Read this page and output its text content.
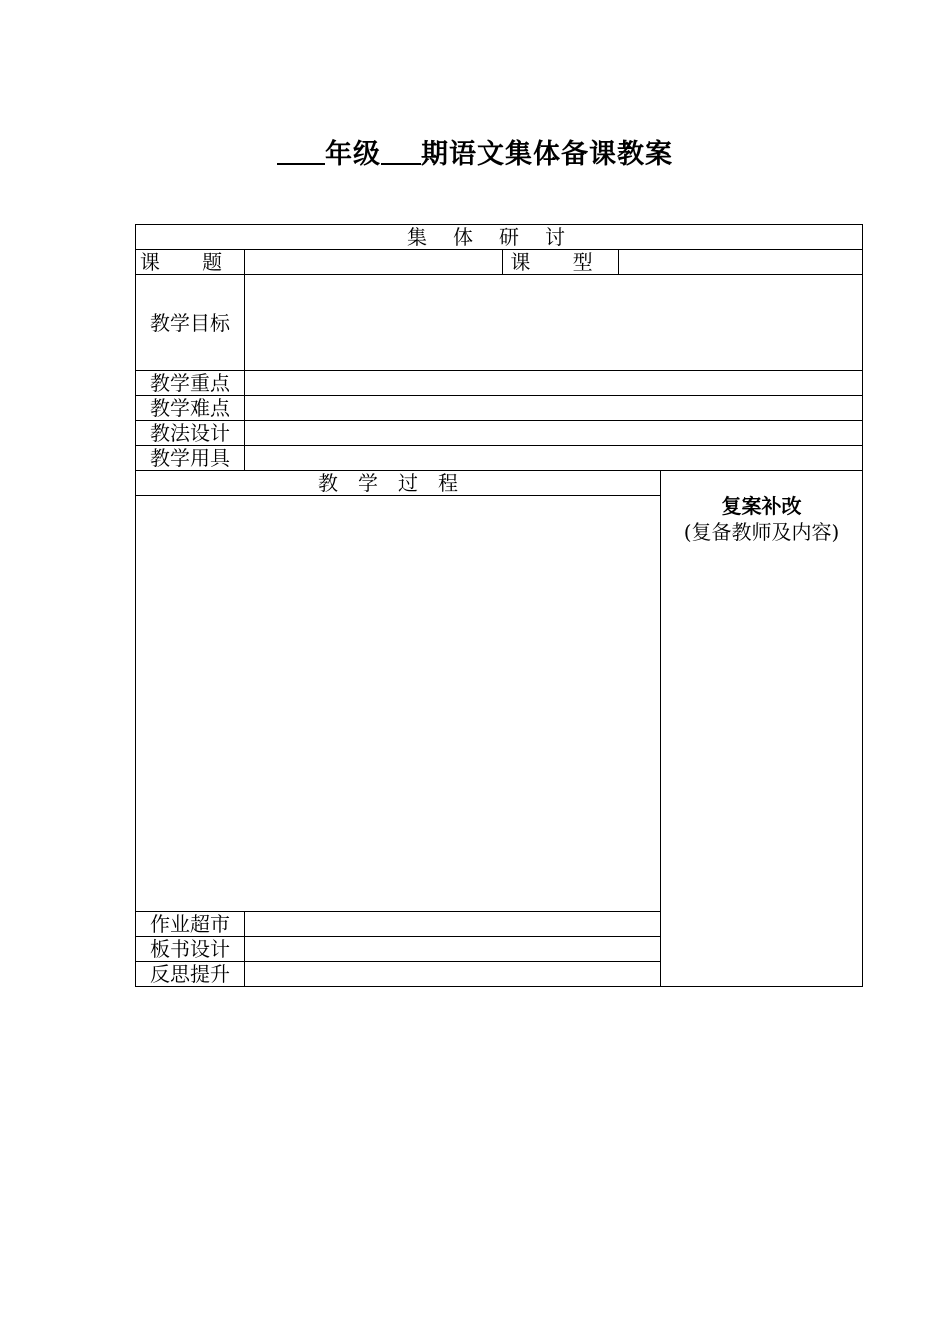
年级 期语文集体备课教案
集体研讨				
课 题		课 型		
教学目标				
教学重点				
教学难点				
教法设计				
教学用具				
教学过程				复案补改
(复备教师及内容)

作业超市				
板书设计				
反思提升				
